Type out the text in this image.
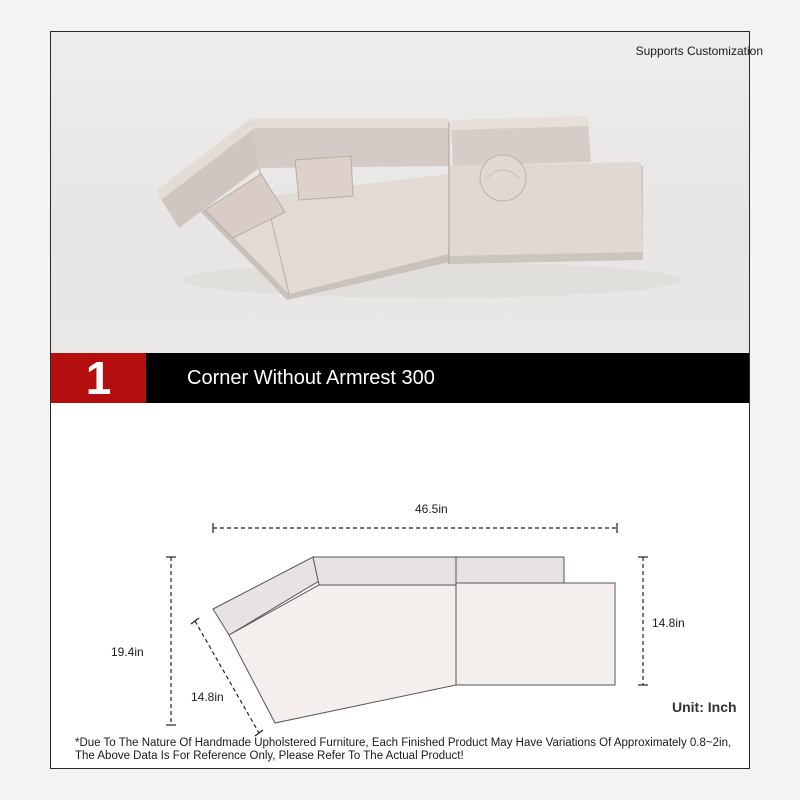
Supports Customization
1	Corner Without Armrest 300
46.5in
19.4in
14.8in
14.8in
Unit: Inch
*Due To The Nature Of Handmade Upholstered Furniture, Each Finished Product May Have Variations Of Approximately 0.8~2in, The Above Data Is For Reference Only, Please Refer To The Actual Product!
